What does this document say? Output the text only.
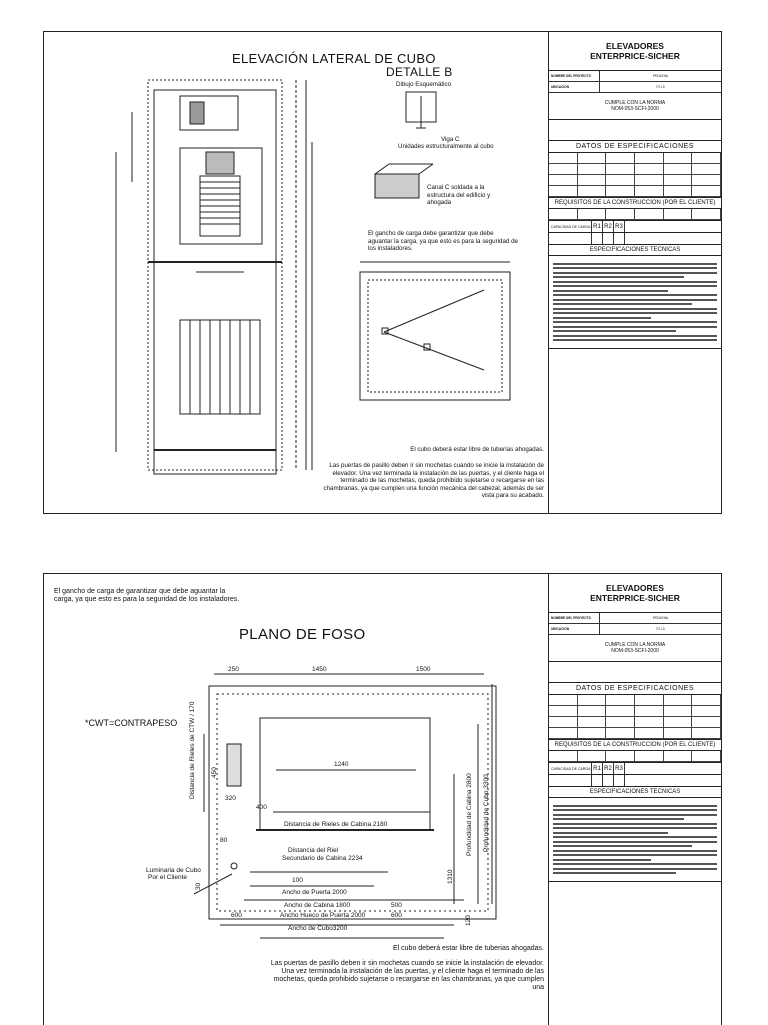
ELEVACIÓN LATERAL DE CUBO
DETALLE B
Dibujo Esquemático
Viga C
Unidades estructuralmente al cubo
Canal C soldada a la estructura del edificio y ahogada
El gancho de carga debe garantizar que debe aguantar la carga, ya que esto es para la seguridad de los instaladores.
El cubo deberá estar libre de tuberías ahogadas.
Las puertas de pasillo deben ir sin mochetas cuando se inicie la instalación de elevador. Una vez terminada la instalación de las puertas, y el cliente haga el terminado de las mochetas, queda prohibido sujetarse o recargarse en las chambranas, ya que cumplen una función mecánica del cabezal, además de ser vista para su acabado.
ELEVADORES
ENTERPRICE-SICHER
NOMBRE DEL PROYECTO	PEDAYNA
UBICACION	F2 L3
CUMPLE CON LA NORMA
NOM-053-SCFI-2000
DATOS DE ESPECIFICACIONES
REQUISITOS DE LA CONSTRUCCION (POR EL CLIENTE)
CAPACIDAD DE CARGA R1 R2 R3
ESPECIFICACIONES TECNICAS
El gancho de carga de garantizar que debe aguantar la carga, ya que esto es para la seguridad de los instaladores.
PLANO DE FOSO
*CWT=CONTRAPESO
250	1450	1500
1240
400
450
320
Distancia de Rieles de Cabina 2180
Distancia del Riel
Secundario de Cabina 2234
Distancia de Rieles de CTW / 170
Profundidad de Cabina 2800 Profundidad de Cubo 3300
1310
120
30
80
Luminaria de Cubo
Por el Cliente	100
Ancho de Puerta 2000
Ancho de Cabina 1800	500
600	Ancho Hueco de Puerta 2000	600
Ancho de Cubo3200
El cubo deberá estar libre de tuberias ahogadas.
Las puertas de pasillo deben ir sin mochetas cuando se inicie la instalación de elevador. Una vez terminada la instalación de las puertas, y el cliente haga el terminado de las mochetas, queda prohibido sujetarse o recargarse en las chambranas, ya que cumplen una
ELEVADORES
ENTERPRICE-SICHER
NOMBRE DEL PROYECTO	PEDAYNA
UBICACION	F2 L3
CUMPLE CON LA NORMA
NOM-053-SCFI-2000
DATOS DE ESPECIFICACIONES
REQUISITOS DE LA CONSTRUCCION (POR EL CLIENTE)
CAPACIDAD DE CARGA R1 R2 R3
ESPECIFICACIONES TECNICAS
